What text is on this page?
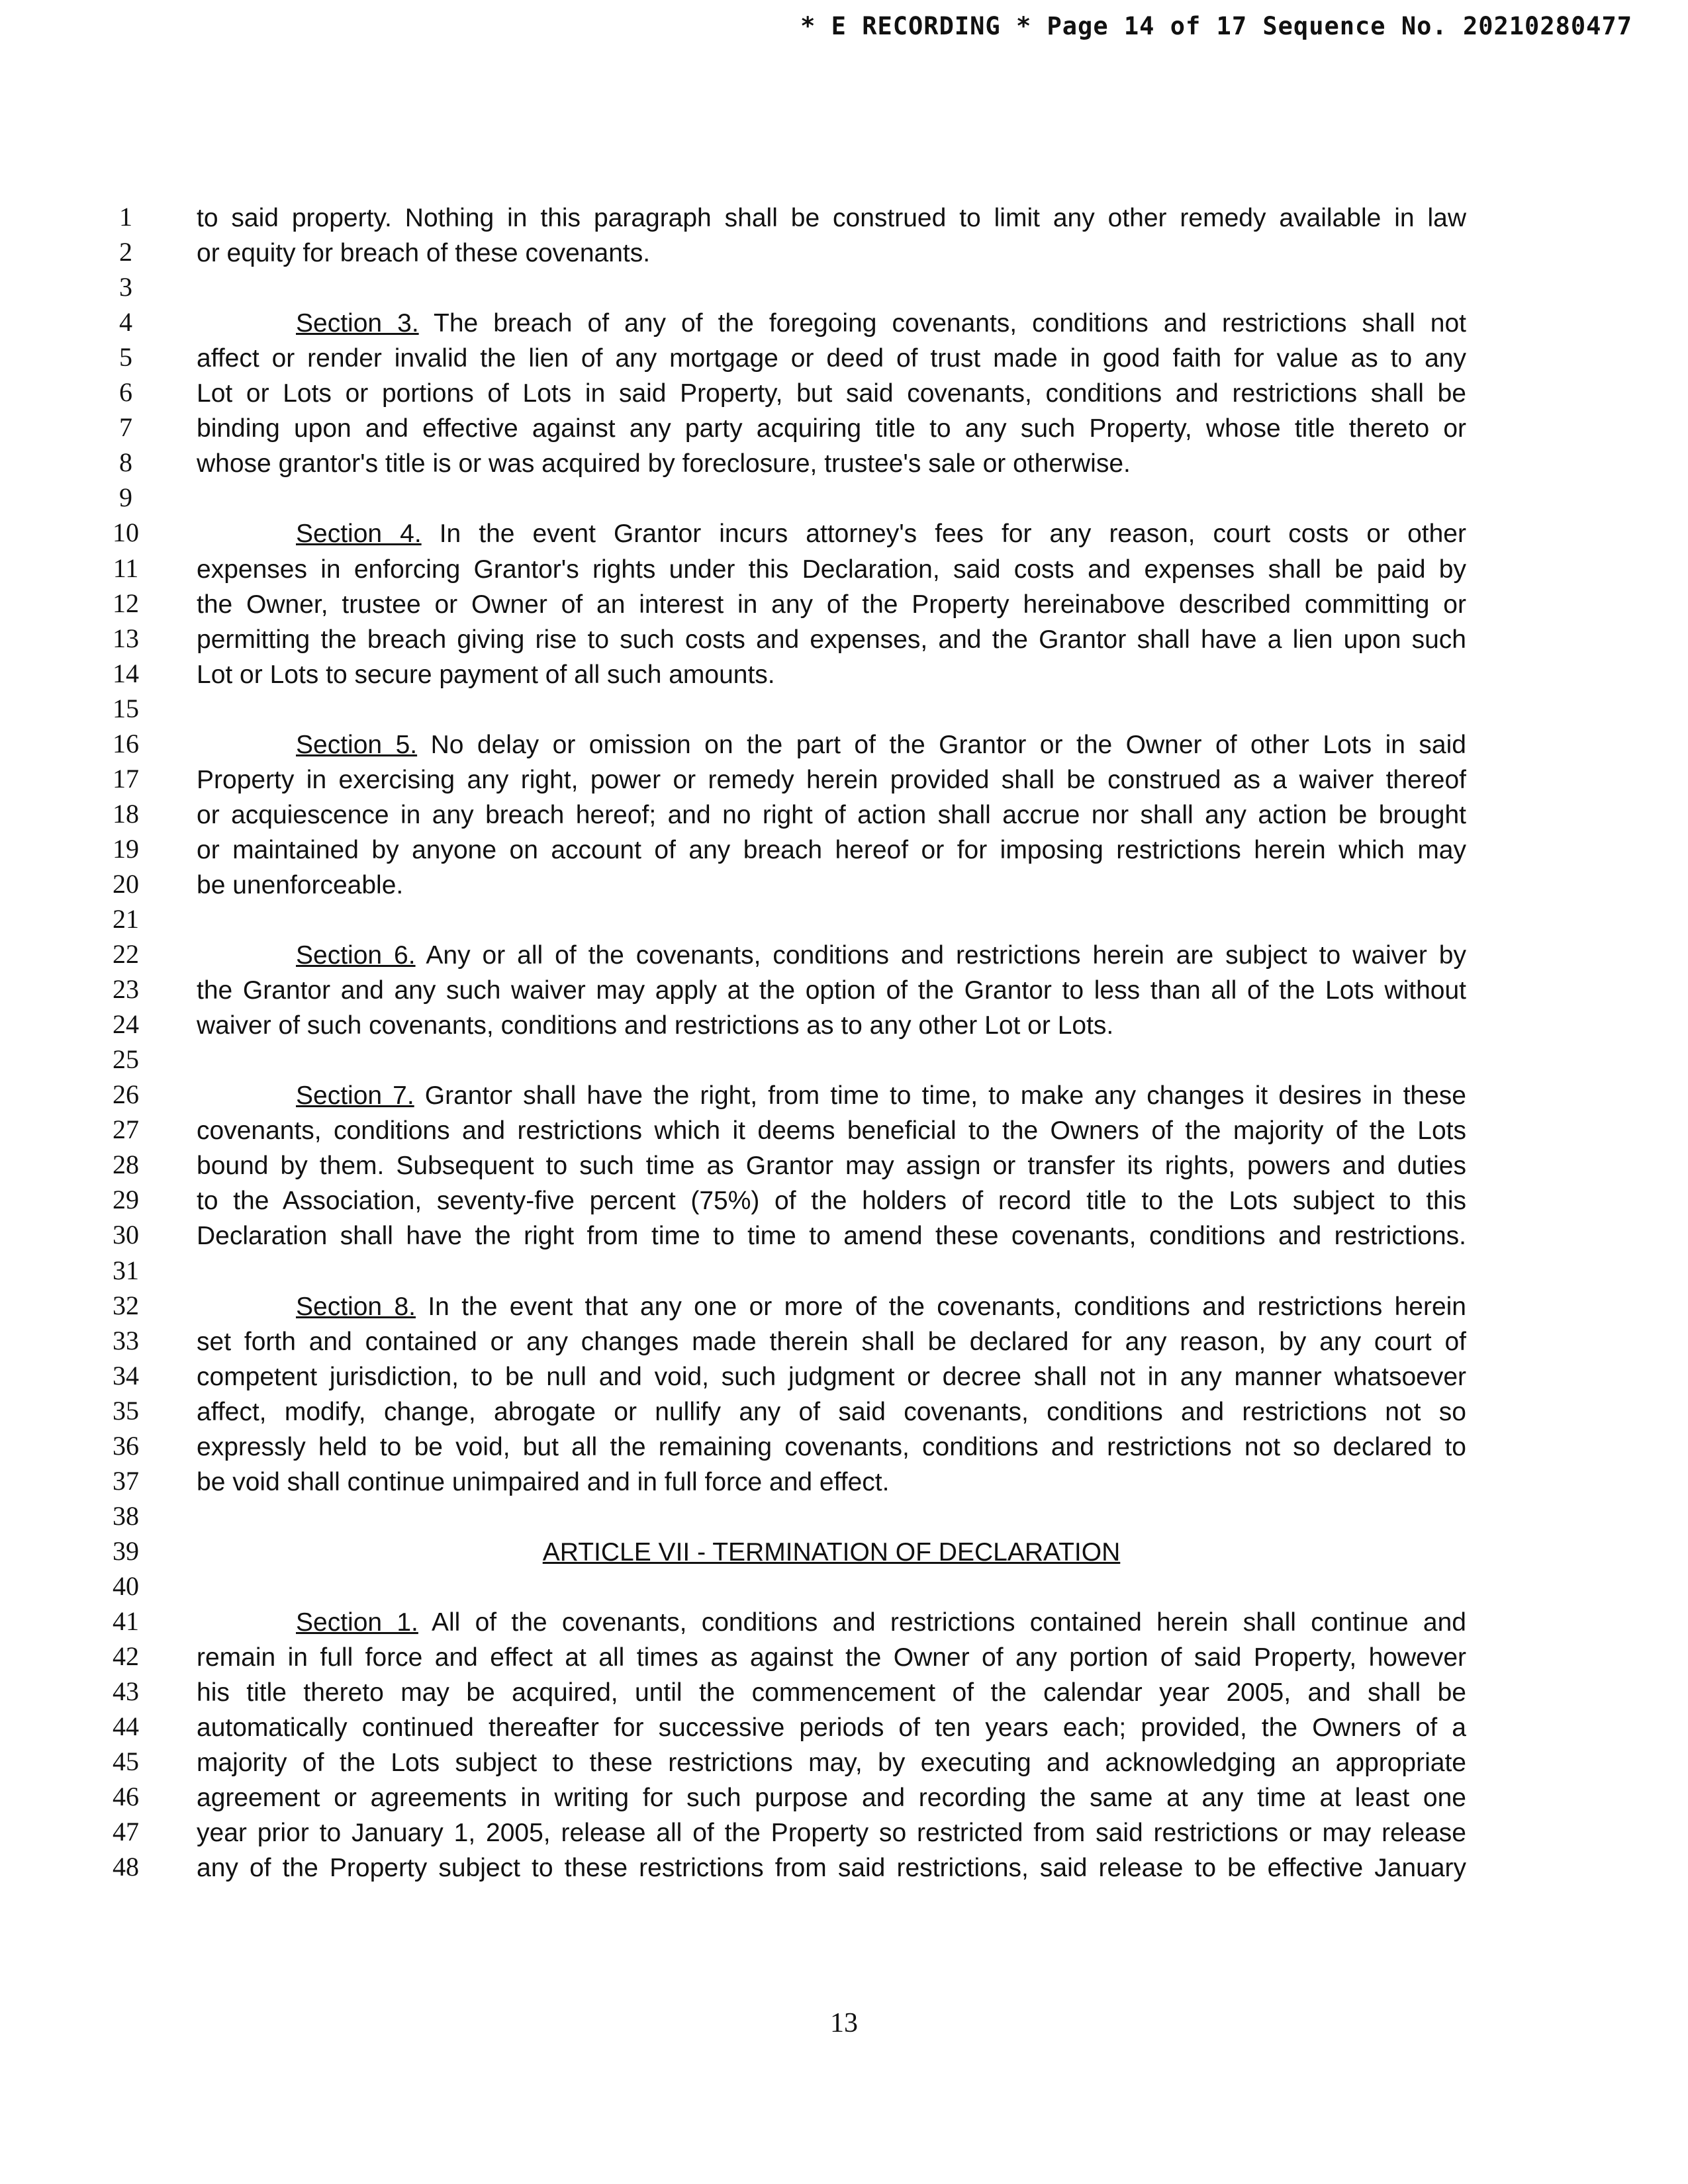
* E RECORDING * Page 14 of 17 Sequence No. 20210280477
1	to said property. Nothing in this paragraph shall be construed to limit any other remedy available in law
2	or equity for breach of these covenants.
3
4	Section 3. The breach of any of the foregoing covenants, conditions and restrictions shall not
5	affect or render invalid the lien of any mortgage or deed of trust made in good faith for value as to any
6	Lot or Lots or portions of Lots in said Property, but said covenants, conditions and restrictions shall be
7	binding upon and effective against any party acquiring title to any such Property, whose title thereto or
8	whose grantor's title is or was acquired by foreclosure, trustee's sale or otherwise.
9
10	Section 4. In the event Grantor incurs attorney's fees for any reason, court costs or other
11	expenses in enforcing Grantor's rights under this Declaration, said costs and expenses shall be paid by
12	the Owner, trustee or Owner of an interest in any of the Property hereinabove described committing or
13	permitting the breach giving rise to such costs and expenses, and the Grantor shall have a lien upon such
14	Lot or Lots to secure payment of all such amounts.
15
16	Section 5. No delay or omission on the part of the Grantor or the Owner of other Lots in said
17	Property in exercising any right, power or remedy herein provided shall be construed as a waiver thereof
18	or acquiescence in any breach hereof; and no right of action shall accrue nor shall any action be brought
19	or maintained by anyone on account of any breach hereof or for imposing restrictions herein which may
20	be unenforceable.
21
22	Section 6. Any or all of the covenants, conditions and restrictions herein are subject to waiver by
23	the Grantor and any such waiver may apply at the option of the Grantor to less than all of the Lots without
24	waiver of such covenants, conditions and restrictions as to any other Lot or Lots.
25
26	Section 7. Grantor shall have the right, from time to time, to make any changes it desires in these
27	covenants, conditions and restrictions which it deems beneficial to the Owners of the majority of the Lots
28	bound by them. Subsequent to such time as Grantor may assign or transfer its rights, powers and duties
29	to the Association, seventy-five percent (75%) of the holders of record title to the Lots subject to this
30	Declaration shall have the right from time to time to amend these covenants, conditions and restrictions.
31
32	Section 8. In the event that any one or more of the covenants, conditions and restrictions herein
33	set forth and contained or any changes made therein shall be declared for any reason, by any court of
34	competent jurisdiction, to be null and void, such judgment or decree shall not in any manner whatsoever
35	affect, modify, change, abrogate or nullify any of said covenants, conditions and restrictions not so
36	expressly held to be void, but all the remaining covenants, conditions and restrictions not so declared to
37	be void shall continue unimpaired and in full force and effect.
38
39	ARTICLE VII - TERMINATION OF DECLARATION
40
41	Section 1. All of the covenants, conditions and restrictions contained herein shall continue and
42	remain in full force and effect at all times as against the Owner of any portion of said Property, however
43	his title thereto may be acquired, until the commencement of the calendar year 2005, and shall be
44	automatically continued thereafter for successive periods of ten years each; provided, the Owners of a
45	majority of the Lots subject to these restrictions may, by executing and acknowledging an appropriate
46	agreement or agreements in writing for such purpose and recording the same at any time at least one
47	year prior to January 1, 2005, release all of the Property so restricted from said restrictions or may release
48	any of the Property subject to these restrictions from said restrictions, said release to be effective January
13
